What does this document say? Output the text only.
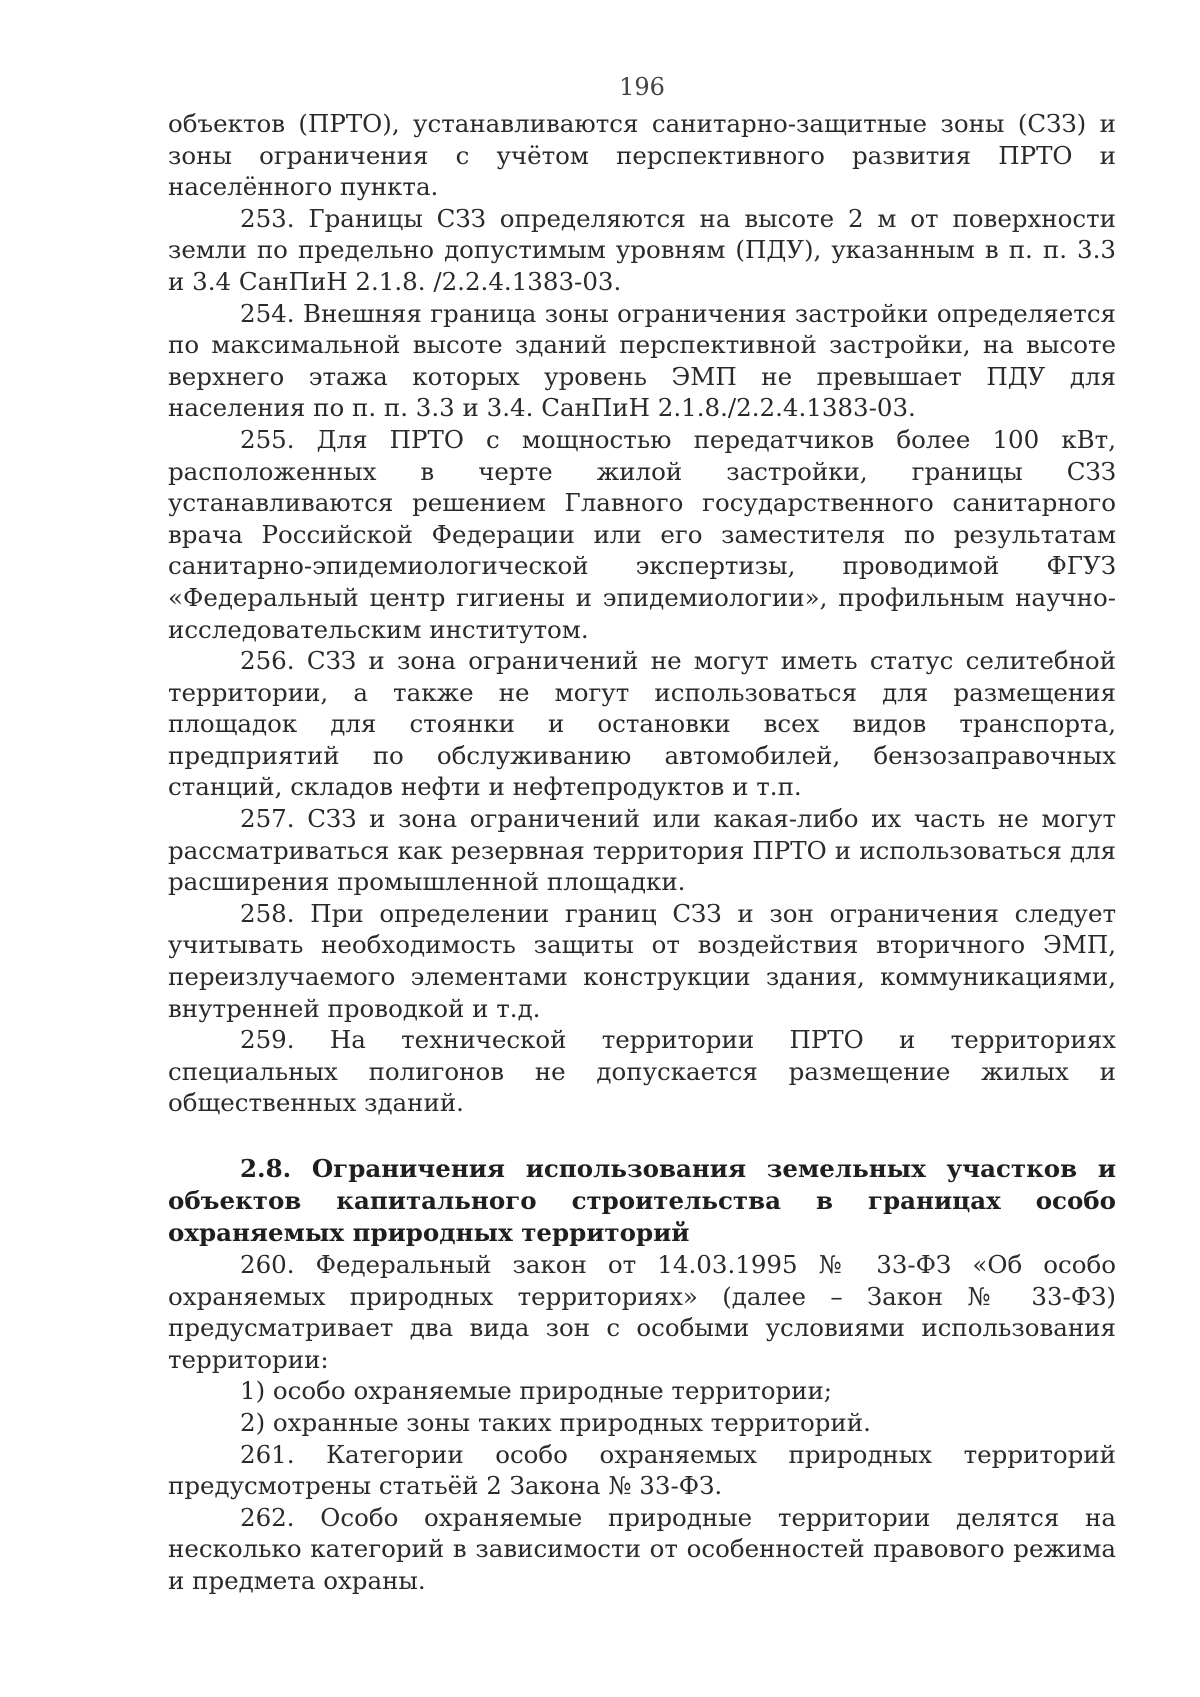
196

объектов (ПРТО), устанавливаются санитарно-защитные зоны (СЗЗ) и зоны ограничения с учётом перспективного развития ПРТО и населённого пункта.

253. Границы СЗЗ определяются на высоте 2 м от поверхности земли по предельно допустимым уровням (ПДУ), указанным в п. п. 3.3 и 3.4 СанПиН 2.1.8. /2.2.4.1383-03.

254. Внешняя граница зоны ограничения застройки определяется по максимальной высоте зданий перспективной застройки, на высоте верхнего этажа которых уровень ЭМП не превышает ПДУ для населения по п. п. 3.3 и 3.4. СанПиН 2.1.8./2.2.4.1383-03.

255. Для ПРТО с мощностью передатчиков более 100 кВт, расположенных в черте жилой застройки, границы СЗЗ устанавливаются решением Главного государственного санитарного врача Российской Федерации или его заместителя по результатам санитарно-эпидемиологической экспертизы, проводимой ФГУЗ «Федеральный центр гигиены и эпидемиологии», профильным научно-исследовательским институтом.

256. СЗЗ и зона ограничений не могут иметь статус селитебной территории, а также не могут использоваться для размещения площадок для стоянки и остановки всех видов транспорта, предприятий по обслуживанию автомобилей, бензозаправочных станций, складов нефти и нефтепродуктов и т.п.

257. СЗЗ и зона ограничений или какая-либо их часть не могут рассматриваться как резервная территория ПРТО и использоваться для расширения промышленной площадки.

258. При определении границ СЗЗ и зон ограничения следует учитывать необходимость защиты от воздействия вторичного ЭМП, переизлучаемого элементами конструкции здания, коммуникациями, внутренней проводкой и т.д.

259. На технической территории ПРТО и территориях специальных полигонов не допускается размещение жилых и общественных зданий.

2.8. Ограничения использования земельных участков и объектов капитального строительства в границах особо охраняемых природных территорий

260. Федеральный закон от 14.03.1995 № 33-ФЗ «Об особо охраняемых природных территориях» (далее – Закон № 33-ФЗ) предусматривает два вида зон с особыми условиями использования территории:

1) особо охраняемые природные территории;

2) охранные зоны таких природных территорий.

261. Категории особо охраняемых природных территорий предусмотрены статьёй 2 Закона № 33-ФЗ.

262. Особо охраняемые природные территории делятся на несколько категорий в зависимости от особенностей правового режима и предмета охраны.
